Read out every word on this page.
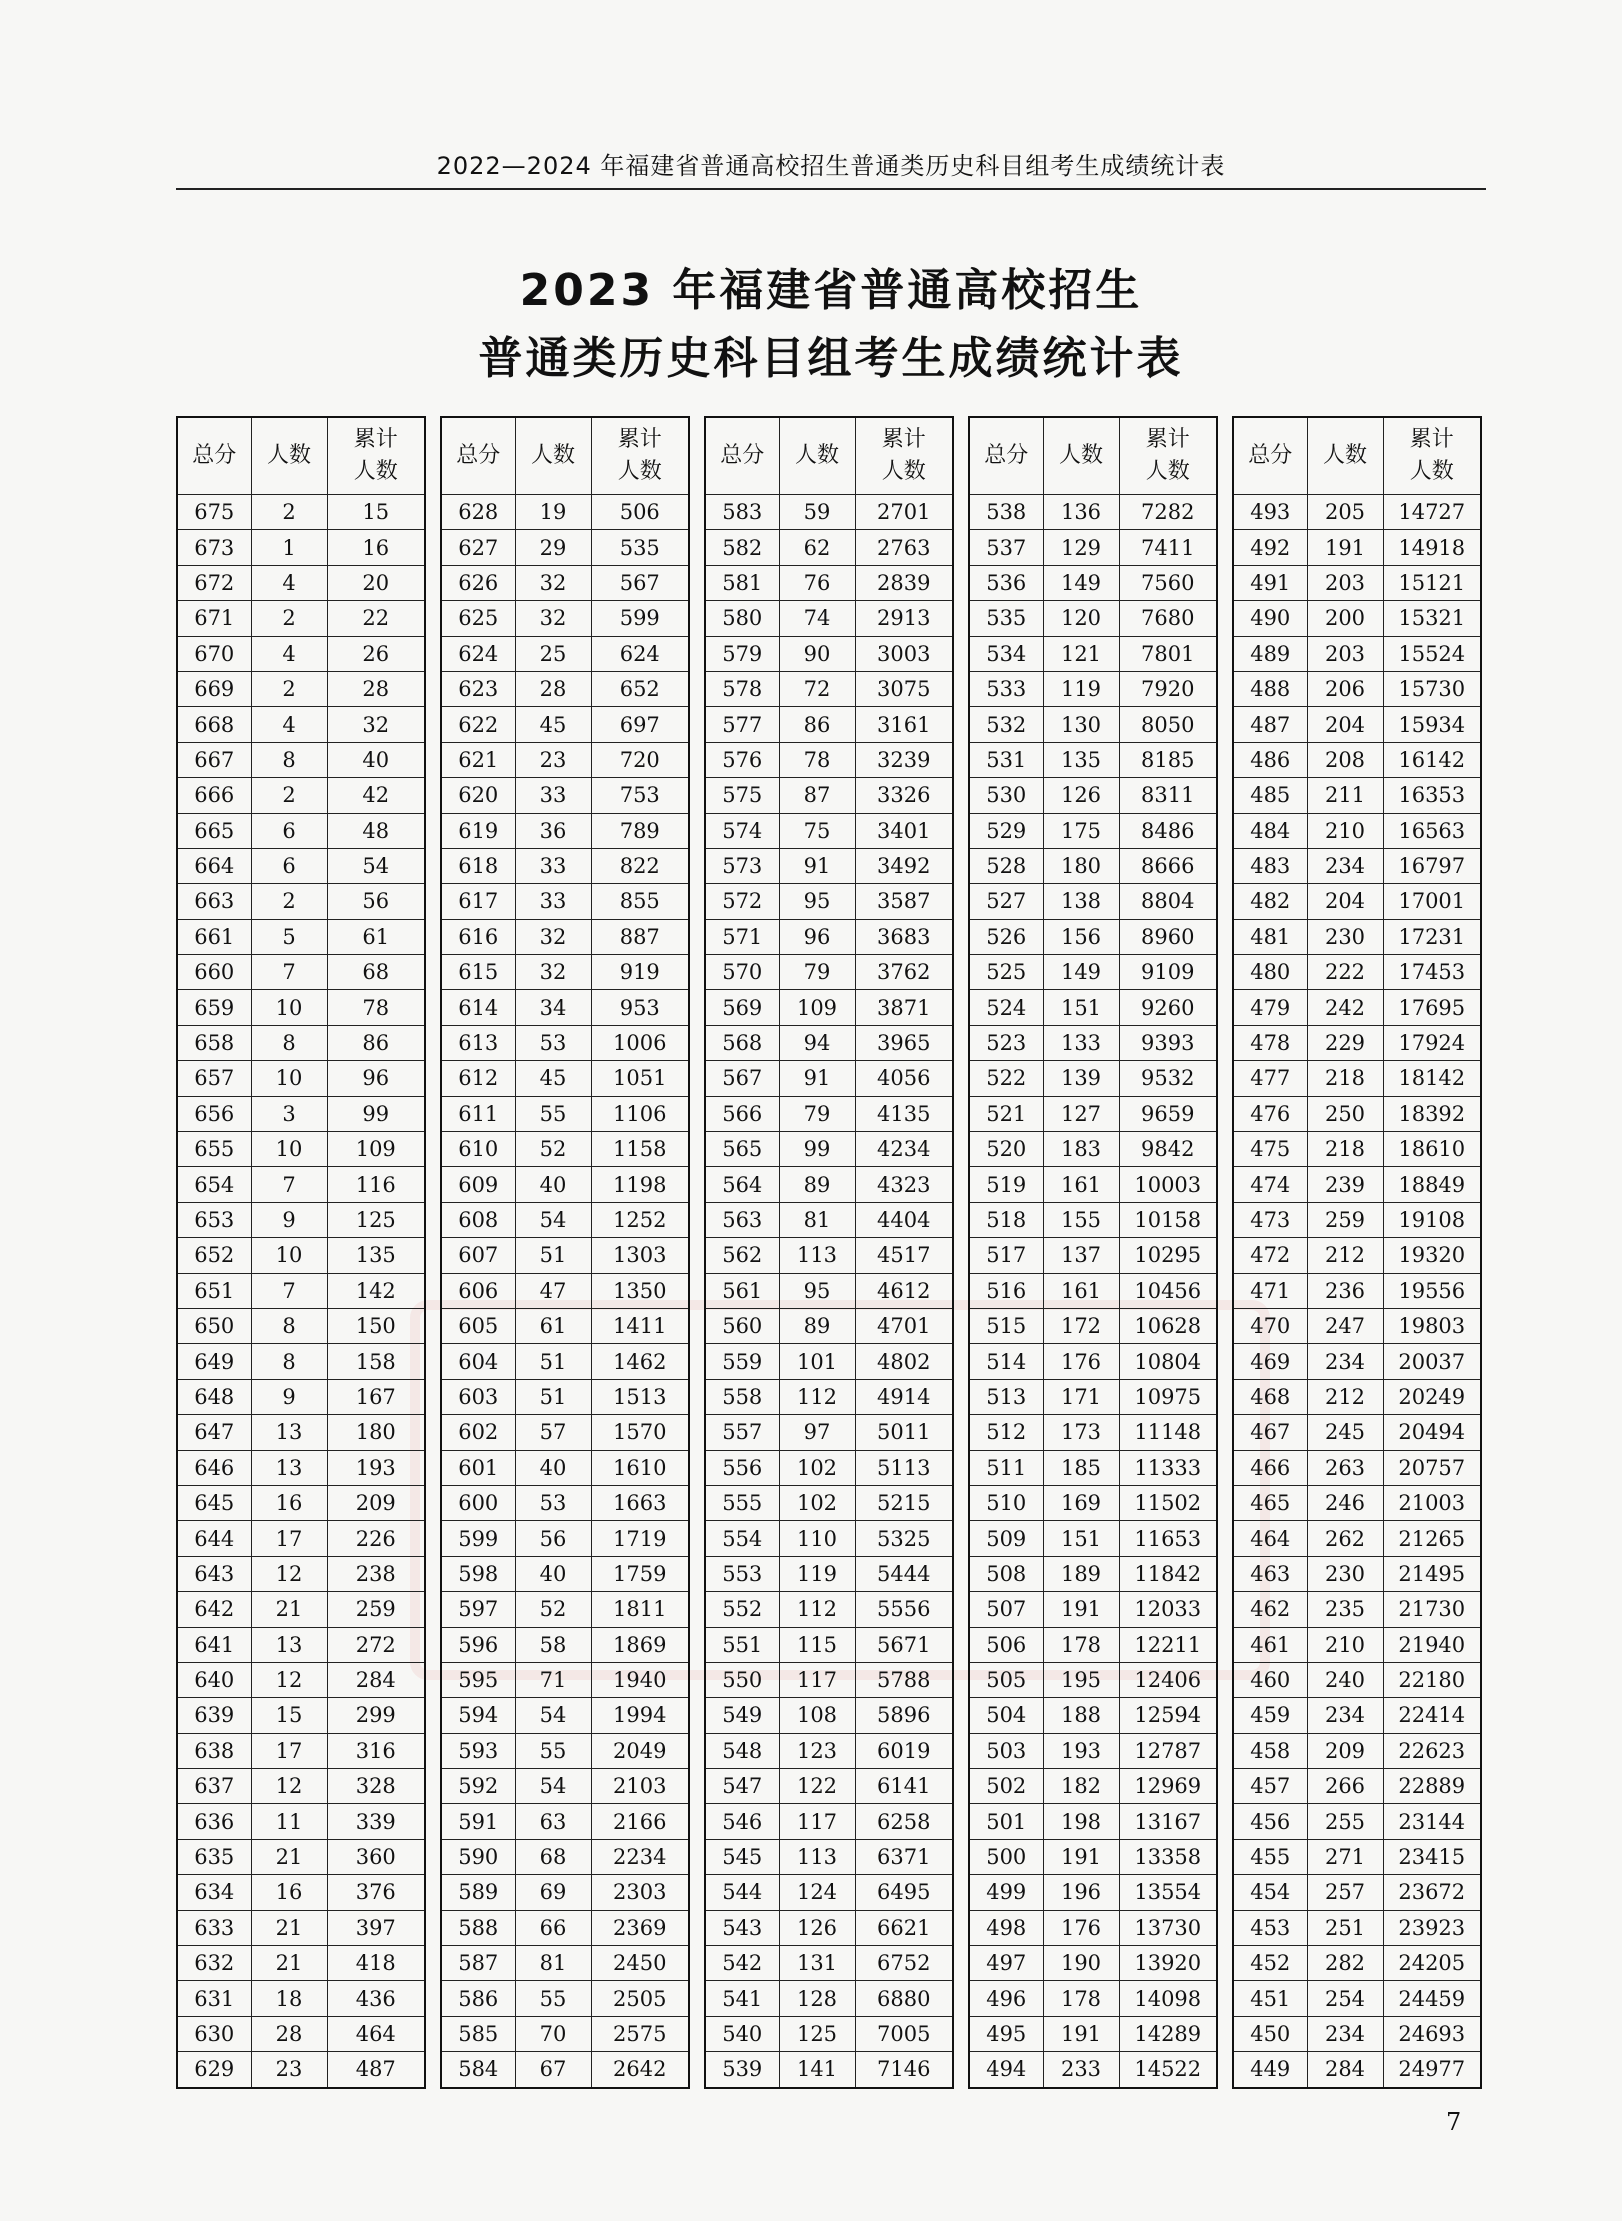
2022—2024 年福建省普通高校招生普通类历史科目组考生成绩统计表
2023 年福建省普通高校招生
普通类历史科目组考生成绩统计表
总分	人数	累计
人数
675	2	15
673	1	16
672	4	20
671	2	22
670	4	26
669	2	28
668	4	32
667	8	40
666	2	42
665	6	48
664	6	54
663	2	56
661	5	61
660	7	68
659	10	78
658	8	86
657	10	96
656	3	99
655	10	109
654	7	116
653	9	125
652	10	135
651	7	142
650	8	150
649	8	158
648	9	167
647	13	180
646	13	193
645	16	209
644	17	226
643	12	238
642	21	259
641	13	272
640	12	284
639	15	299
638	17	316
637	12	328
636	11	339
635	21	360
634	16	376
633	21	397
632	21	418
631	18	436
630	28	464
629	23	487
总分	人数	累计
人数
628	19	506
627	29	535
626	32	567
625	32	599
624	25	624
623	28	652
622	45	697
621	23	720
620	33	753
619	36	789
618	33	822
617	33	855
616	32	887
615	32	919
614	34	953
613	53	1006
612	45	1051
611	55	1106
610	52	1158
609	40	1198
608	54	1252
607	51	1303
606	47	1350
605	61	1411
604	51	1462
603	51	1513
602	57	1570
601	40	1610
600	53	1663
599	56	1719
598	40	1759
597	52	1811
596	58	1869
595	71	1940
594	54	1994
593	55	2049
592	54	2103
591	63	2166
590	68	2234
589	69	2303
588	66	2369
587	81	2450
586	55	2505
585	70	2575
584	67	2642
总分	人数	累计
人数
583	59	2701
582	62	2763
581	76	2839
580	74	2913
579	90	3003
578	72	3075
577	86	3161
576	78	3239
575	87	3326
574	75	3401
573	91	3492
572	95	3587
571	96	3683
570	79	3762
569	109	3871
568	94	3965
567	91	4056
566	79	4135
565	99	4234
564	89	4323
563	81	4404
562	113	4517
561	95	4612
560	89	4701
559	101	4802
558	112	4914
557	97	5011
556	102	5113
555	102	5215
554	110	5325
553	119	5444
552	112	5556
551	115	5671
550	117	5788
549	108	5896
548	123	6019
547	122	6141
546	117	6258
545	113	6371
544	124	6495
543	126	6621
542	131	6752
541	128	6880
540	125	7005
539	141	7146
总分	人数	累计
人数
538	136	7282
537	129	7411
536	149	7560
535	120	7680
534	121	7801
533	119	7920
532	130	8050
531	135	8185
530	126	8311
529	175	8486
528	180	8666
527	138	8804
526	156	8960
525	149	9109
524	151	9260
523	133	9393
522	139	9532
521	127	9659
520	183	9842
519	161	10003
518	155	10158
517	137	10295
516	161	10456
515	172	10628
514	176	10804
513	171	10975
512	173	11148
511	185	11333
510	169	11502
509	151	11653
508	189	11842
507	191	12033
506	178	12211
505	195	12406
504	188	12594
503	193	12787
502	182	12969
501	198	13167
500	191	13358
499	196	13554
498	176	13730
497	190	13920
496	178	14098
495	191	14289
494	233	14522
总分	人数	累计
人数
493	205	14727
492	191	14918
491	203	15121
490	200	15321
489	203	15524
488	206	15730
487	204	15934
486	208	16142
485	211	16353
484	210	16563
483	234	16797
482	204	17001
481	230	17231
480	222	17453
479	242	17695
478	229	17924
477	218	18142
476	250	18392
475	218	18610
474	239	18849
473	259	19108
472	212	19320
471	236	19556
470	247	19803
469	234	20037
468	212	20249
467	245	20494
466	263	20757
465	246	21003
464	262	21265
463	230	21495
462	235	21730
461	210	21940
460	240	22180
459	234	22414
458	209	22623
457	266	22889
456	255	23144
455	271	23415
454	257	23672
453	251	23923
452	282	24205
451	254	24459
450	234	24693
449	284	24977
7
